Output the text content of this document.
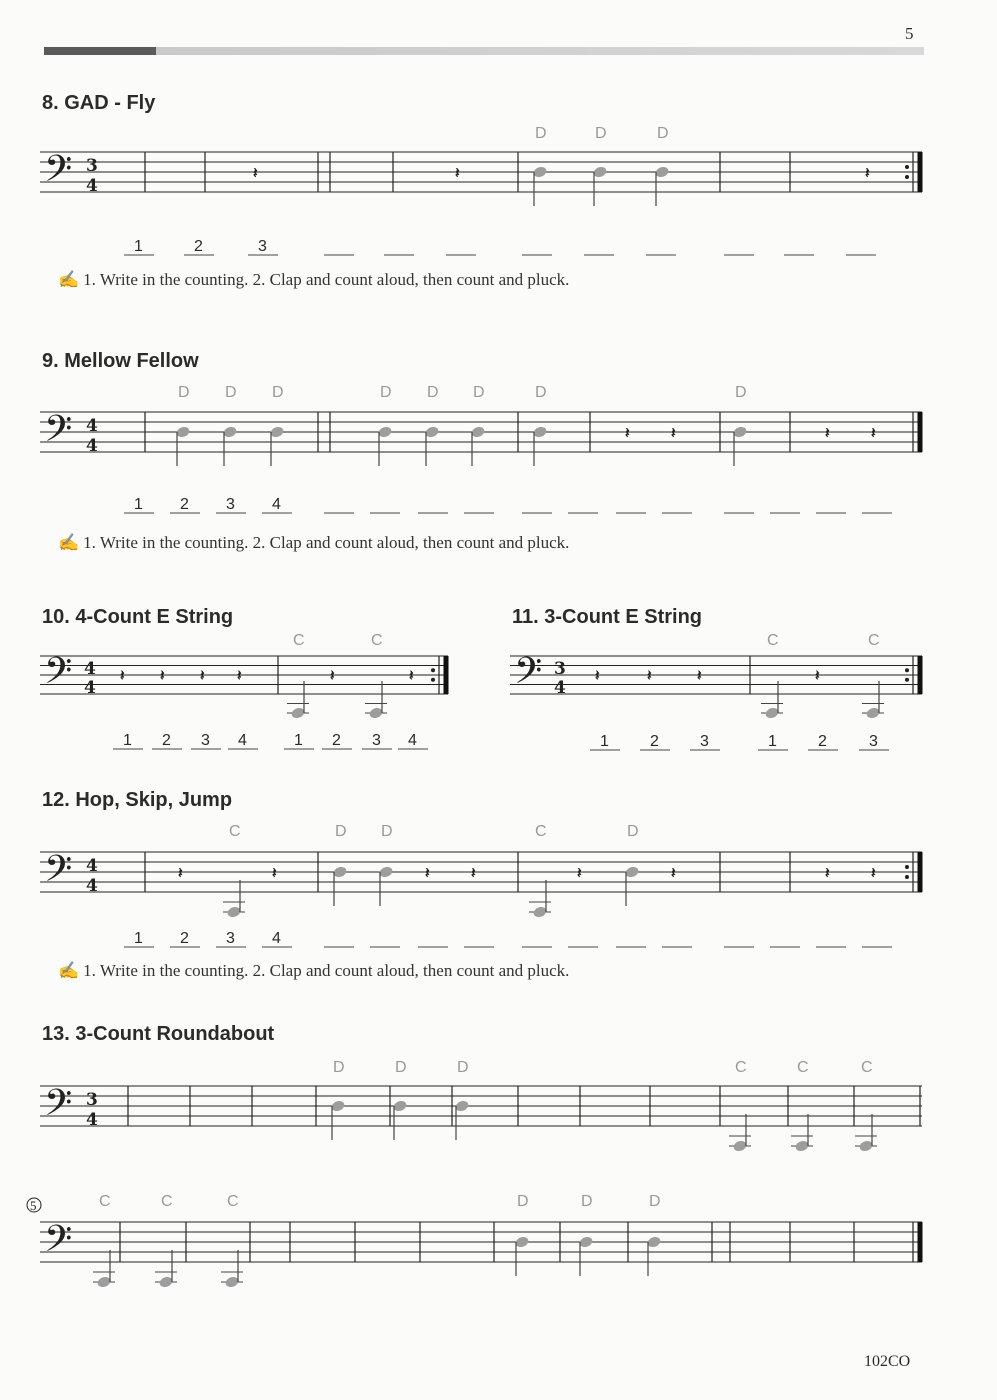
5
8. GAD - Fly
9. Mellow Fellow
10. 4-Count E String	11. 3-Count E String
12. Hop, Skip, Jump
13. 3-Count Roundabout
✍ 1. Write in the counting. 2. Clap and count aloud, then count and pluck.
✍ 1. Write in the counting. 2. Clap and count aloud, then count and pluck.
✍ 1. Write in the counting. 2. Clap and count aloud, then count and pluck.
𝄢 3
4
𝄽	𝄽	𝄽
D	D	D
1	2	3
𝄢 4
4
D D D	D D D	D	D
𝄽	𝄽	𝄽	𝄽
1 2 3 4
𝄢 4
4
𝄽 𝄽 𝄽 𝄽	𝄽	𝄽
C	C
1 2 3 4	1 2 3 4
𝄢 3
4
𝄽	𝄽	𝄽	𝄽
C	C
1	2	3	1	2	3
𝄢 4
4
𝄽	𝄽	𝄽	𝄽	𝄽	𝄽	𝄽	𝄽
C	D D	C	D
1 2 3 4
𝄢 3
4
D	D	D	C	C	C
𝄢
5	C	C	C	D	D	D
102CO
